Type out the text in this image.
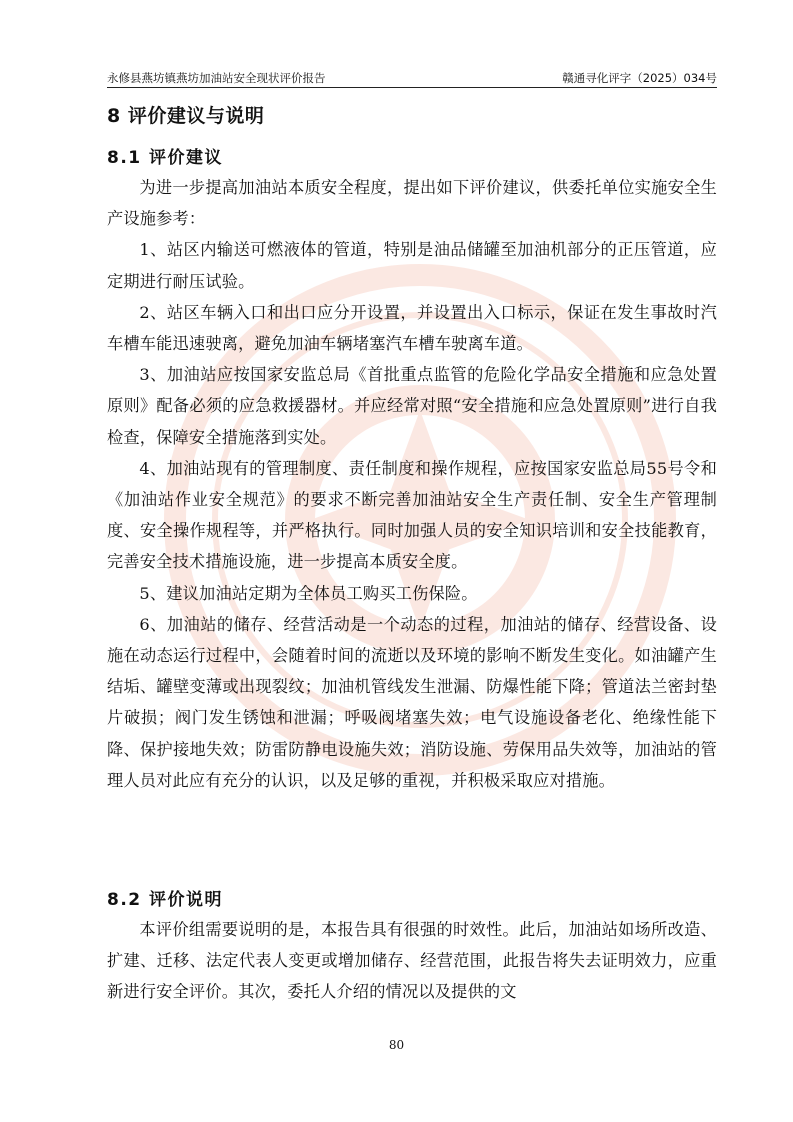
永修县燕坊镇燕坊加油站安全现状评价报告	赣通寻化评字（2025）034号
8 评价建议与说明
8.1 评价建议

为进一步提高加油站本质安全程度，提出如下评价建议，供委托单位实施安全生产设施参考：

1、站区内输送可燃液体的管道，特别是油品储罐至加油机部分的正压管道，应定期进行耐压试验。

2、站区车辆入口和出口应分开设置，并设置出入口标示，保证在发生事故时汽车槽车能迅速驶离，避免加油车辆堵塞汽车槽车驶离车道。

3、加油站应按国家安监总局《首批重点监管的危险化学品安全措施和应急处置原则》配备必须的应急救援器材。并应经常对照“安全措施和应急处置原则”进行自我检查，保障安全措施落到实处。

4、加油站现有的管理制度、责任制度和操作规程，应按国家安监总局55号令和《加油站作业安全规范》的要求不断完善加油站安全生产责任制、安全生产管理制度、安全操作规程等，并严格执行。同时加强人员的安全知识培训和安全技能教育，完善安全技术措施设施，进一步提高本质安全度。

5、建议加油站定期为全体员工购买工伤保险。

6、加油站的储存、经营活动是一个动态的过程，加油站的储存、经营设备、设施在动态运行过程中，会随着时间的流逝以及环境的影响不断发生变化。如油罐产生结垢、罐壁变薄或出现裂纹；加油机管线发生泄漏、防爆性能下降；管道法兰密封垫片破损；阀门发生锈蚀和泄漏；呼吸阀堵塞失效；电气设施设备老化、绝缘性能下降、保护接地失效；防雷防静电设施失效；消防设施、劳保用品失效等，加油站的管理人员对此应有充分的认识，以及足够的重视，并积极采取应对措施。

8.2 评价说明

本评价组需要说明的是，本报告具有很强的时效性。此后，加油站如场所改造、扩建、迁移、法定代表人变更或增加储存、经营范围，此报告将失去证明效力，应重新进行安全评价。其次，委托人介绍的情况以及提供的文

80
